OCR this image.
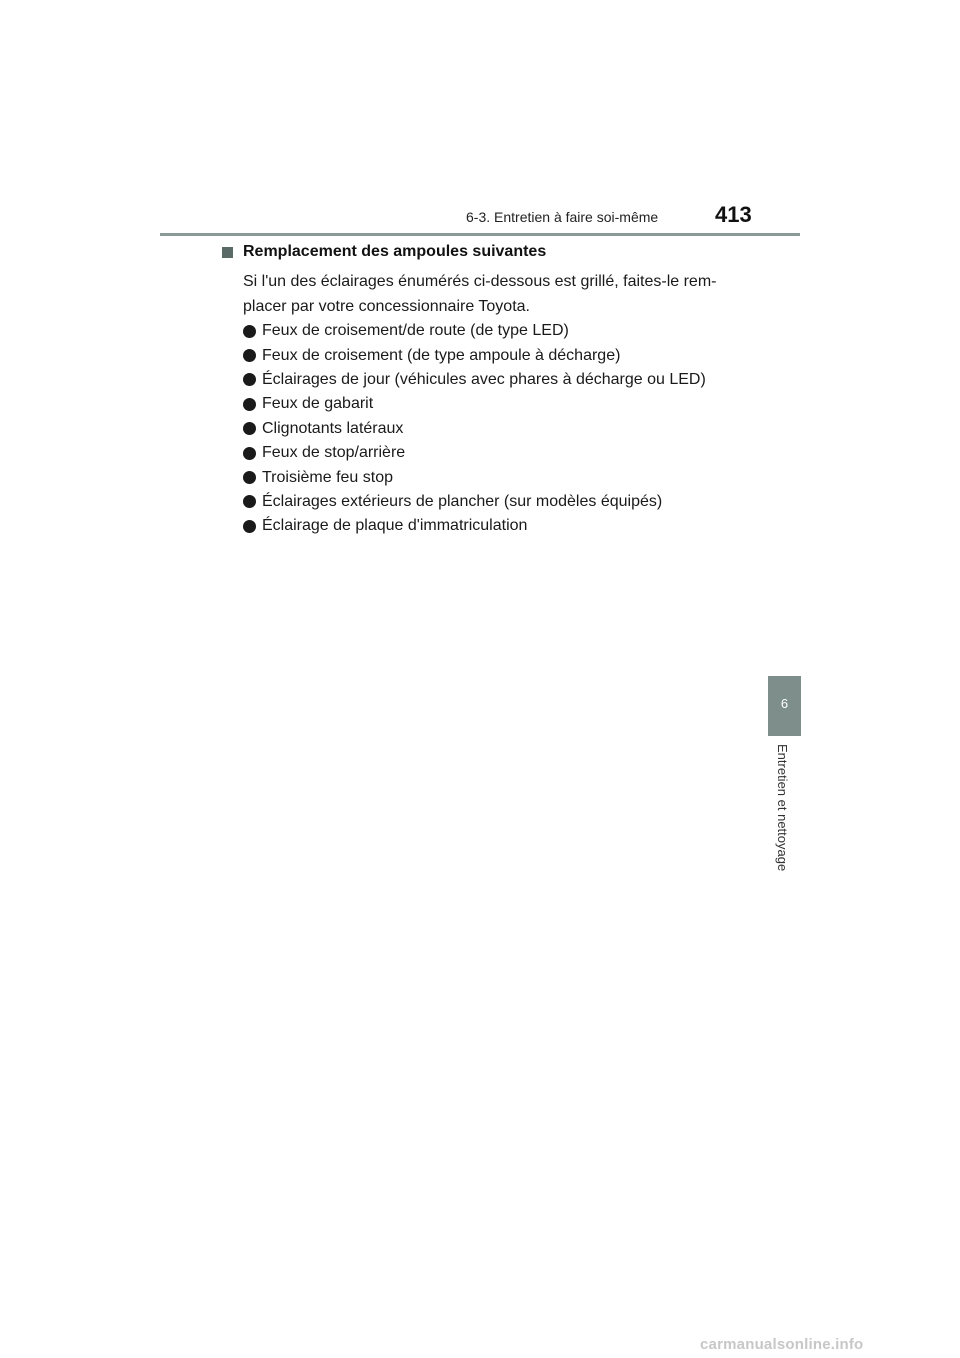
6-3. Entretien à faire soi-même	413
Remplacement des ampoules suivantes
Si l'un des éclairages énumérés ci-dessous est grillé, faites-le rem-
placer par votre concessionnaire Toyota.
Feux de croisement/de route (de type LED)
Feux de croisement (de type ampoule à décharge)
Éclairages de jour (véhicules avec phares à décharge ou LED)
Feux de gabarit
Clignotants latéraux
Feux de stop/arrière
Troisième feu stop
Éclairages extérieurs de plancher (sur modèles équipés)
Éclairage de plaque d'immatriculation
6
Entretien et nettoyage
carmanualsonline.info
